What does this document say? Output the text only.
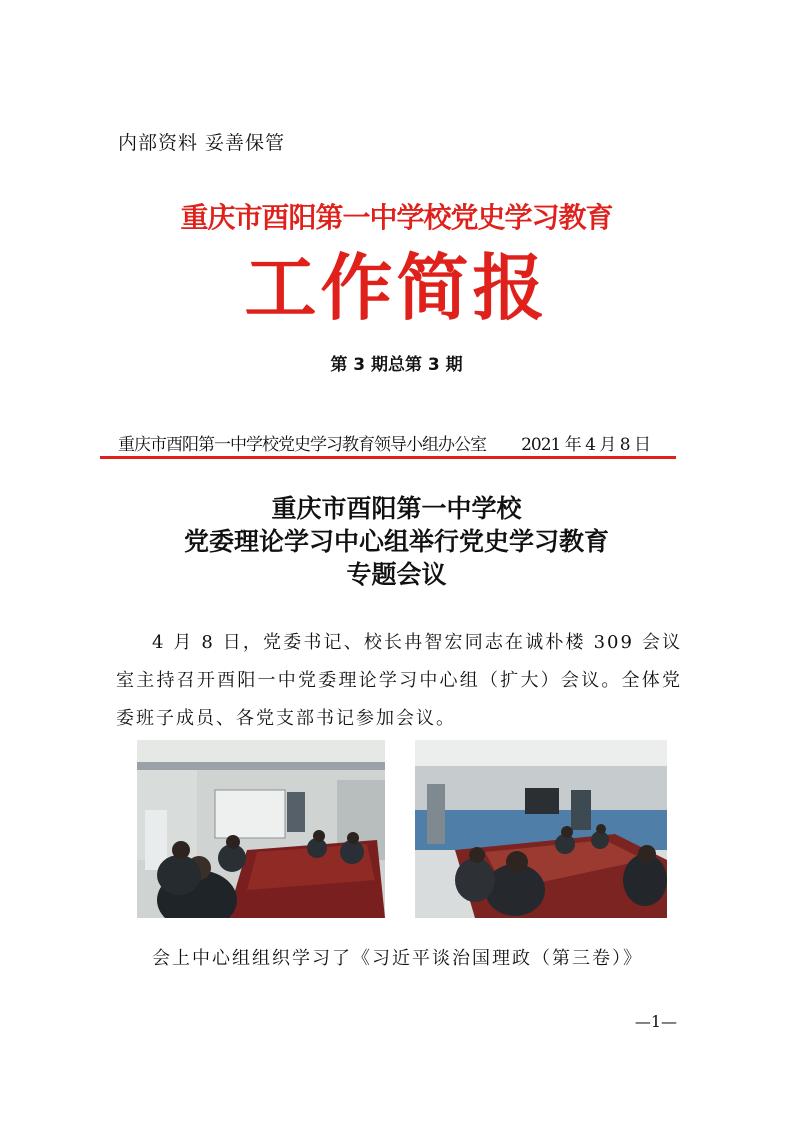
内部资料 妥善保管
重庆市酉阳第一中学校党史学习教育
工作简报
第 3 期总第 3 期
重庆市酉阳第一中学校党史学习教育领导小组办公室 2021 年 4 月 8 日
重庆市酉阳第一中学校
党委理论学习中心组举行党史学习教育
专题会议

4 月 8 日，党委书记、校长冉智宏同志在诚朴楼 309 会议室主持召开酉阳一中党委理论学习中心组（扩大）会议。全体党委班子成员、各党支部书记参加会议。

会上中心组组织学习了《习近平谈治国理政（第三卷）》

—1—
